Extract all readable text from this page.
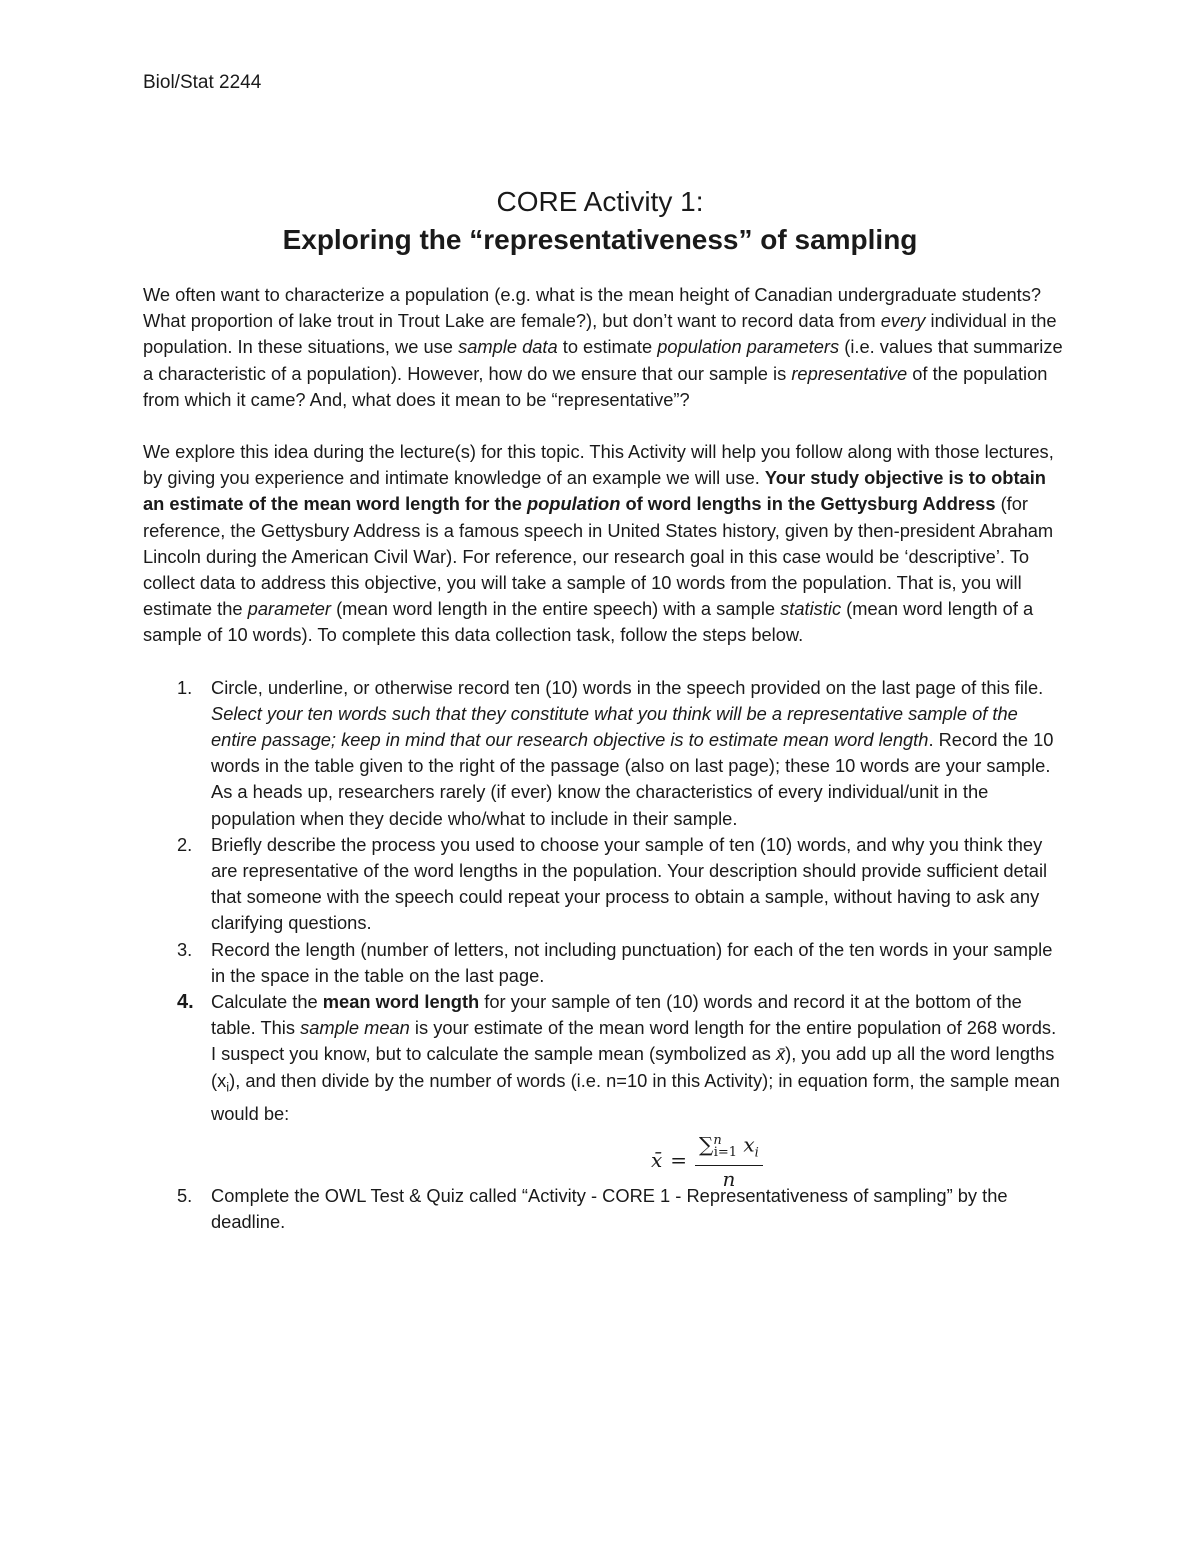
Biol/Stat 2244
CORE Activity 1:
Exploring the “representativeness” of sampling

We often want to characterize a population (e.g. what is the mean height of Canadian undergraduate students? What proportion of lake trout in Trout Lake are female?), but don’t want to record data from every individual in the population. In these situations, we use sample data to estimate population parameters (i.e. values that summarize a characteristic of a population). However, how do we ensure that our sample is representative of the population from which it came? And, what does it mean to be “representative”?

We explore this idea during the lecture(s) for this topic. This Activity will help you follow along with those lectures, by giving you experience and intimate knowledge of an example we will use. Your study objective is to obtain an estimate of the mean word length for the population of word lengths in the Gettysburg Address (for reference, the Gettysbury Address is a famous speech in United States history, given by then-president Abraham Lincoln during the American Civil War). For reference, our research goal in this case would be ‘descriptive’. To collect data to address this objective, you will take a sample of 10 words from the population. That is, you will estimate the parameter (mean word length in the entire speech) with a sample statistic (mean word length of a sample of 10 words). To complete this data collection task, follow the steps below.

1. Circle, underline, or otherwise record ten (10) words in the speech provided on the last page of this file. Select your ten words such that they constitute what you think will be a representative sample of the entire passage; keep in mind that our research objective is to estimate mean word length. Record the 10 words in the table given to the right of the passage (also on last page); these 10 words are your sample. As a heads up, researchers rarely (if ever) know the characteristics of every individual/unit in the population when they decide who/what to include in their sample.
2. Briefly describe the process you used to choose your sample of ten (10) words, and why you think they are representative of the word lengths in the population. Your description should provide sufficient detail that someone with the speech could repeat your process to obtain a sample, without having to ask any clarifying questions.
3. Record the length (number of letters, not including punctuation) for each of the ten words in your sample in the space in the table on the last page.
4. Calculate the mean word length for your sample of ten (10) words and record it at the bottom of the table. This sample mean is your estimate of the mean word length for the entire population of 268 words. I suspect you know, but to calculate the sample mean (symbolized as x̄), you add up all the word lengths $(x_i)$, and then divide by the number of words (i.e. n=10 in this Activity); in equation form, the sample mean would be:
x̄ = $\frac{\sum^n_{i=1} x_i}{n}$
5. Complete the OWL Test & Quiz called “Activity - CORE 1 - Representativeness of sampling” by the deadline.
